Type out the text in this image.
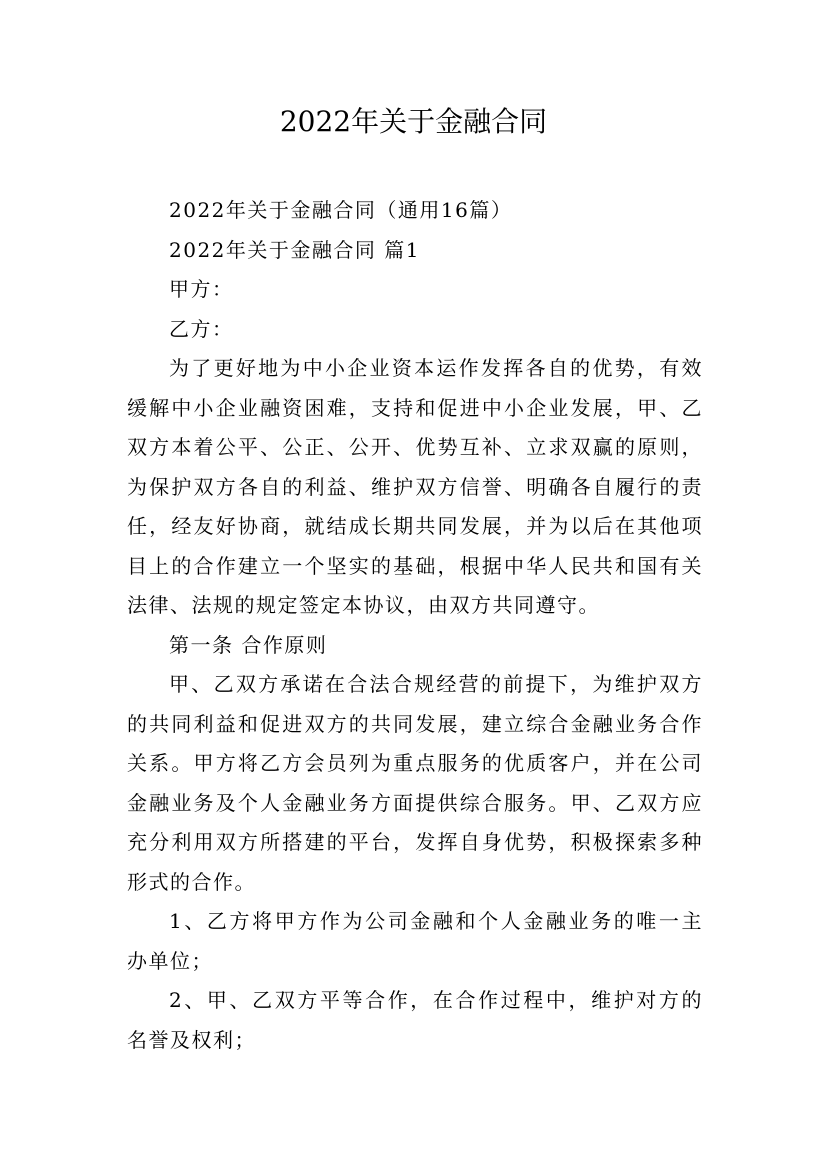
2022年关于金融合同

2022年关于金融合同（通用16篇）

2022年关于金融合同 篇1

甲方：

乙方：

为了更好地为中小企业资本运作发挥各自的优势，有效

缓解中小企业融资困难，支持和促进中小企业发展，甲、乙

双方本着公平、公正、公开、优势互补、立求双赢的原则，

为保护双方各自的利益、维护双方信誉、明确各自履行的责

任，经友好协商，就结成长期共同发展，并为以后在其他项

目上的合作建立一个坚实的基础，根据中华人民共和国有关

法律、法规的规定签定本协议，由双方共同遵守。

第一条 合作原则

甲、乙双方承诺在合法合规经营的前提下，为维护双方

的共同利益和促进双方的共同发展，建立综合金融业务合作

关系。甲方将乙方会员列为重点服务的优质客户，并在公司

金融业务及个人金融业务方面提供综合服务。甲、乙双方应

充分利用双方所搭建的平台，发挥自身优势，积极探索多种

形式的合作。

1、乙方将甲方作为公司金融和个人金融业务的唯一主

办单位；

2、甲、乙双方平等合作，在合作过程中，维护对方的

名誉及权利；
